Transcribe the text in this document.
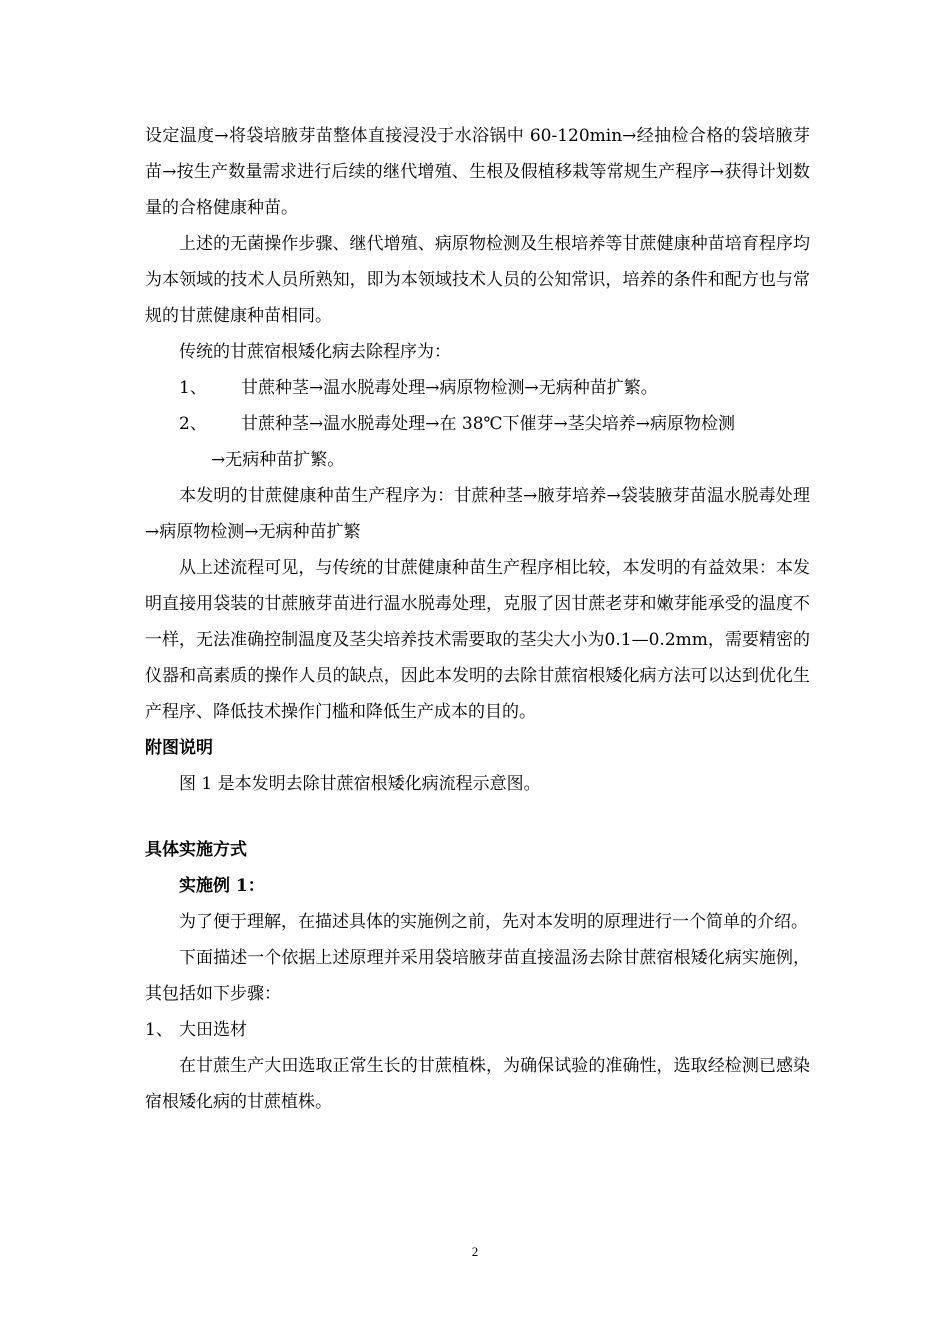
设定温度→将袋培腋芽苗整体直接浸没于水浴锅中 60-120min→经抽检合格的袋培腋芽苗→按生产数量需求进行后续的继代增殖、生根及假植移栽等常规生产程序→获得计划数量的合格健康种苗。

上述的无菌操作步骤、继代增殖、病原物检测及生根培养等甘蔗健康种苗培育程序均为本领域的技术人员所熟知，即为本领域技术人员的公知常识，培养的条件和配方也与常规的甘蔗健康种苗相同。

传统的甘蔗宿根矮化病去除程序为：

1、	甘蔗种茎→温水脱毒处理→病原物检测→无病种苗扩繁。
2、	甘蔗种茎→温水脱毒处理→在 38℃下催芽→茎尖培养→病原物检测
→无病种苗扩繁。

本发明的甘蔗健康种苗生产程序为：甘蔗种茎→腋芽培养→袋装腋芽苗温水脱毒处理→病原物检测→无病种苗扩繁

从上述流程可见，与传统的甘蔗健康种苗生产程序相比较，本发明的有益效果：本发明直接用袋装的甘蔗腋芽苗进行温水脱毒处理，克服了因甘蔗老芽和嫩芽能承受的温度不一样，无法准确控制温度及茎尖培养技术需要取的茎尖大小为0.1—0.2mm，需要精密的仪器和高素质的操作人员的缺点，因此本发明的去除甘蔗宿根矮化病方法可以达到优化生产程序、降低技术操作门槛和降低生产成本的目的。

附图说明

图 1 是本发明去除甘蔗宿根矮化病流程示意图。

具体实施方式

实施例 1：

为了便于理解，在描述具体的实施例之前，先对本发明的原理进行一个简单的介绍。

下面描述一个依据上述原理并采用袋培腋芽苗直接温汤去除甘蔗宿根矮化病实施例，其包括如下步骤：

1、 大田选材

在甘蔗生产大田选取正常生长的甘蔗植株，为确保试验的准确性，选取经检测已感染宿根矮化病的甘蔗植株。

2
